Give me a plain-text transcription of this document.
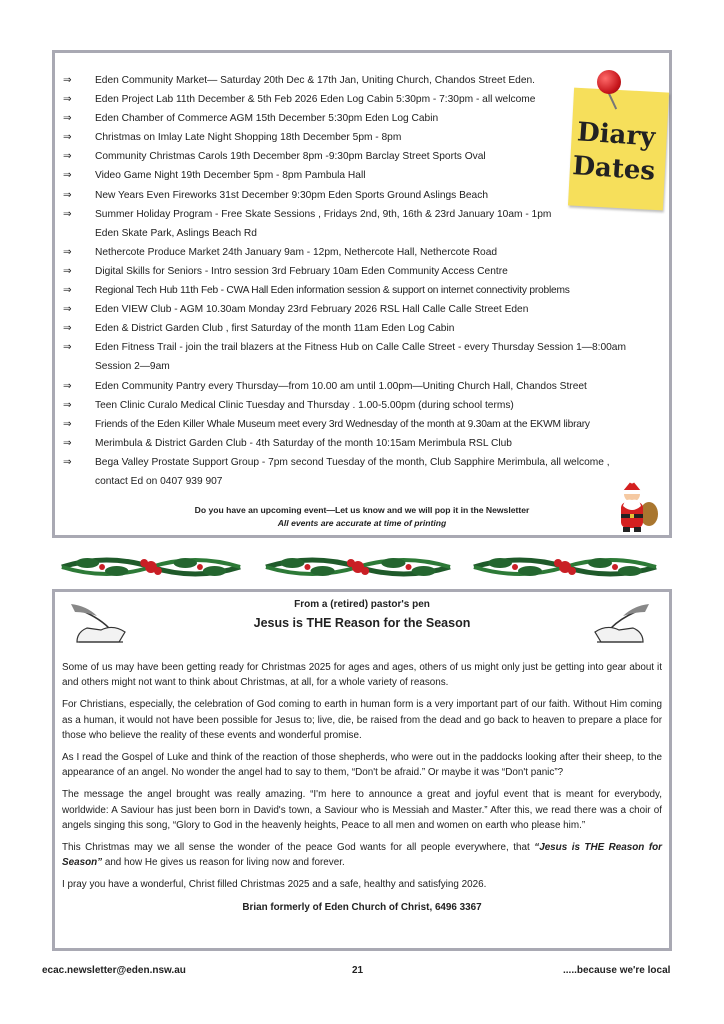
⇒	Eden Community Market— Saturday 20th Dec & 17th Jan, Uniting Church, Chandos Street Eden.
⇒	Eden Project Lab 11th December & 5th Feb 2026 Eden Log Cabin 5:30pm - 7:30pm - all welcome
⇒	Eden Chamber of Commerce AGM 15th December 5:30pm Eden Log Cabin
⇒	Christmas on Imlay Late Night Shopping 18th December 5pm - 8pm
⇒	Community Christmas Carols 19th December 8pm -9:30pm Barclay Street Sports Oval
⇒	Video Game Night 19th December 5pm - 8pm Pambula Hall
⇒	New Years Even Fireworks 31st December 9:30pm Eden Sports Ground Aslings Beach
⇒	Summer Holiday Program - Free Skate Sessions , Fridays 2nd, 9th, 16th & 23rd January 10am - 1pm Eden Skate Park, Aslings Beach Rd
⇒	Nethercote Produce Market 24th January 9am - 12pm, Nethercote Hall, Nethercote Road
⇒	Digital Skills for Seniors - Intro session 3rd February 10am Eden Community Access Centre
⇒	Regional Tech Hub 11th Feb - CWA Hall Eden information session & support on internet connectivity problems
⇒	Eden VIEW Club - AGM 10.30am Monday 23rd February 2026 RSL Hall Calle Calle Street Eden
⇒	Eden & District Garden Club , first Saturday of the month 11am Eden Log Cabin
⇒	Eden Fitness Trail - join the trail blazers at the Fitness Hub on Calle Calle Street - every Thursday Session 1—8:00am Session 2—9am
⇒	Eden Community Pantry every Thursday—from 10.00 am until 1.00pm—Uniting Church Hall, Chandos Street
⇒	Teen Clinic Curalo Medical Clinic Tuesday and Thursday . 1.00-5.00pm (during school terms)
⇒	Friends of the Eden Killer Whale Museum meet every 3rd Wednesday of the month at 9.30am at the EKWM library
⇒	Merimbula & District Garden Club - 4th Saturday of the month 10:15am Merimbula RSL Club
⇒	Bega Valley Prostate Support Group - 7pm second Tuesday of the month, Club Sapphire Merimbula, all welcome , contact Ed on 0407 939 907
Diary Dates
Do you have an upcoming event—Let us know and we will pop it in the Newsletter
All events are accurate at time of printing
From a (retired) pastor's pen
Jesus is THE Reason for the Season

Some of us may have been getting ready for Christmas 2025 for ages and ages, others of us might only just be getting into gear about it and others might not want to think about Christmas, at all, for a whole variety of reasons.

For Christians, especially, the celebration of God coming to earth in human form is a very important part of our faith. Without Him coming as a human, it would not have been possible for Jesus to; live, die, be raised from the dead and go back to heaven to prepare a place for those who believe the reality of these events and wonderful promise.

As I read the Gospel of Luke and think of the reaction of those shepherds, who were out in the paddocks looking after their sheep, to the appearance of an angel. No wonder the angel had to say to them, “Don't be afraid.” Or maybe it was “Don't panic”?

The message the angel brought was really amazing. “I'm here to announce a great and joyful event that is meant for everybody, worldwide: A Saviour has just been born in David's town, a Saviour who is Messiah and Master.” After this, we read there was a choir of angels singing this song, “Glory to God in the heavenly heights, Peace to all men and women on earth who please him.”

This Christmas may we all sense the wonder of the peace God wants for all people everywhere, that “Jesus is THE Reason for Season” and how He gives us reason for living now and forever.

I pray you have a wonderful, Christ filled Christmas 2025 and a safe, healthy and satisfying 2026.

Brian formerly of Eden Church of Christ, 6496 3367

ecac.newsletter@eden.nsw.au	21	.....because we're local
